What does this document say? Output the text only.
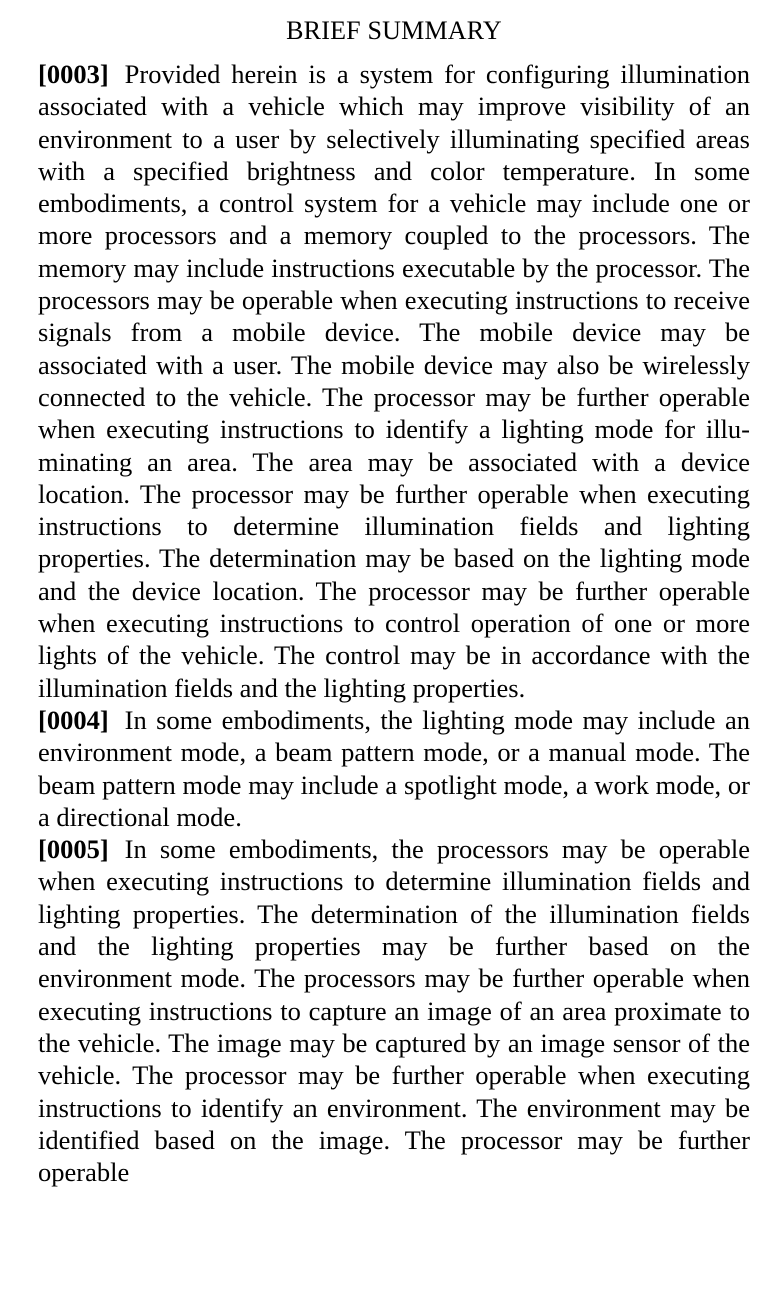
BRIEF SUMMARY

[0003] Provided herein is a system for configuring illumination associated with a vehicle which may improve visibility of an environment to a user by selectively illuminating specified areas with a specified brightness and color temperature. In some embodiments, a control system for a vehicle may include one or more processors and a memory coupled to the processors. The memory may include instructions executable by the processor. The processors may be operable when executing instructions to receive signals from a mobile device. The mobile device may be associated with a user. The mobile device may also be wirelessly connected to the vehicle. The processor may be further operable when executing instructions to identify a lighting mode for illuminating an area. The area may be associated with a device location. The processor may be further operable when executing instructions to determine illumination fields and lighting properties. The determination may be based on the lighting mode and the device location. The processor may be further operable when executing instructions to control operation of one or more lights of the vehicle. The control may be in accordance with the illumination fields and the lighting properties.

[0004] In some embodiments, the lighting mode may include an environment mode, a beam pattern mode, or a manual mode. The beam pattern mode may include a spotlight mode, a work mode, or a directional mode.

[0005] In some embodiments, the processors may be operable when executing instructions to determine illumination fields and lighting properties. The determination of the illumination fields and the lighting properties may be further based on the environment mode. The processors may be further operable when executing instructions to capture an image of an area proximate to the vehicle. The image may be captured by an image sensor of the vehicle. The processor may be further operable when executing instructions to identify an environment. The environment may be identified based on the image. The processor may be further operable
